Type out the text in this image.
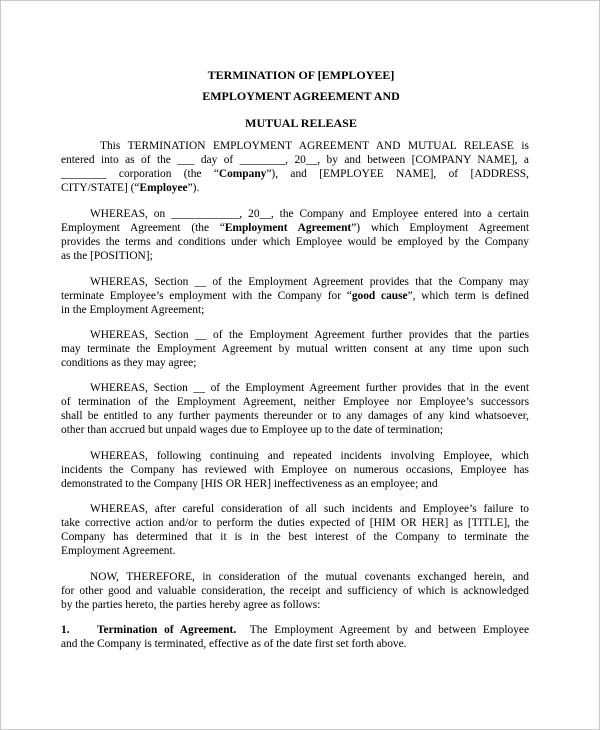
TERMINATION OF [EMPLOYEE]
EMPLOYMENT AGREEMENT AND
MUTUAL RELEASE
This TERMINATION EMPLOYMENT AGREEMENT AND MUTUAL RELEASE is
entered into as of the ___ day of ________, 20__, by and between [COMPANY NAME], a
________ corporation (the “Company”), and [EMPLOYEE NAME], of [ADDRESS,
CITY/STATE] (“Employee”).
WHEREAS, on ____________, 20__, the Company and Employee entered into a certain
Employment Agreement (the “Employment Agreement”) which Employment Agreement
provides the terms and conditions under which Employee would be employed by the Company
as the [POSITION];
WHEREAS, Section __ of the Employment Agreement provides that the Company may
terminate Employee’s employment with the Company for “good cause”, which term is defined
in the Employment Agreement;
WHEREAS, Section __ of the Employment Agreement further provides that the parties
may terminate the Employment Agreement by mutual written consent at any time upon such
conditions as they may agree;
WHEREAS, Section __ of the Employment Agreement further provides that in the event
of termination of the Employment Agreement, neither Employee nor Employee’s successors
shall be entitled to any further payments thereunder or to any damages of any kind whatsoever,
other than accrued but unpaid wages due to Employee up to the date of termination;
WHEREAS, following continuing and repeated incidents involving Employee, which
incidents the Company has reviewed with Employee on numerous occasions, Employee has
demonstrated to the Company [HIS OR HER] ineffectiveness as an employee; and
WHEREAS, after careful consideration of all such incidents and Employee’s failure to
take corrective action and/or to perform the duties expected of [HIM OR HER] as [TITLE], the
Company has determined that it is in the best interest of the Company to terminate the
Employment Agreement.
NOW, THEREFORE, in consideration of the mutual covenants exchanged herein, and
for other good and valuable consideration, the receipt and sufficiency of which is acknowledged
by the parties hereto, the parties hereby agree as follows:
1. Termination of Agreement. The Employment Agreement by and between Employee
and the Company is terminated, effective as of the date first set forth above.
